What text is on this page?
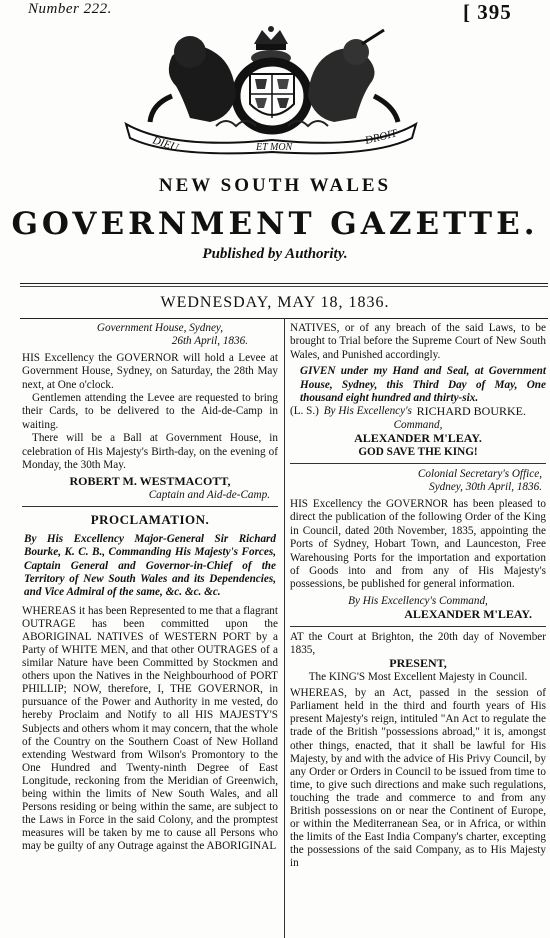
Number 222.	[ 395
DIEU	ET MON
DROIT
NEW SOUTH WALES
GOVERNMENT GAZETTE.
Published by Authority.
WEDNESDAY, MAY 18, 1836.

Government House, Sydney,

26th April, 1836.

HIS Excellency the GOVERNOR will hold a Levee at Government House, Sydney, on Saturday, the 28th May next, at One o'clock.

Gentlemen attending the Levee are requested to bring their Cards, to be delivered to the Aid-de-Camp in waiting.

There will be a Ball at Government House, in celebration of His Majesty's Birth-day, on the evening of Monday, the 30th May.

ROBERT M. WESTMACOTT,

Captain and Aid-de-Camp.

PROCLAMATION.

By His Excellency Major-General Sir Richard Bourke, K. C. B., Commanding His Majesty's Forces, Captain General and Governor-in-Chief of the Territory of New South Wales and its Dependencies, and Vice Admiral of the same, &c. &c. &c.

WHEREAS it has been Represented to me that a flagrant OUTRAGE has been committed upon the ABORIGINAL NATIVES of WESTERN PORT by a Party of WHITE MEN, and that other OUTRAGES of a similar Nature have been Committed by Stockmen and others upon the Natives in the Neighbourhood of PORT PHILLIP; NOW, therefore, I, THE GOVERNOR, in pursuance of the Power and Authority in me vested, do hereby Proclaim and Notify to all HIS MAJESTY'S Subjects and others whom it may concern, that the whole of the Country on the Southern Coast of New Holland extending Westward from Wilson's Promontory to the One Hundred and Twenty-ninth Degree of East Longitude, reckoning from the Meridian of Greenwich, being within the limits of New South Wales, and all Persons residing or being within the same, are subject to the Laws in Force in the said Colony, and the promptest measures will be taken by me to cause all Persons who may be guilty of any Outrage against the ABORIGINAL

NATIVES, or of any breach of the said Laws, to be brought to Trial before the Supreme Court of New South Wales, and Punished accordingly.

GIVEN under my Hand and Seal, at Government House, Sydney, this Third Day of May, One thousand eight hundred and thirty-six.

(L. S.)	RICHARD BOURKE.

By His Excellency's Command,

ALEXANDER M'LEAY.

GOD SAVE THE KING!

Colonial Secretary's Office,

Sydney, 30th April, 1836.

HIS Excellency the GOVERNOR has been pleased to direct the publication of the following Order of the King in Council, dated 20th November, 1835, appointing the Ports of Sydney, Hobart Town, and Launceston, Free Warehousing Ports for the importation and exportation of Goods into and from any of His Majesty's possessions, be published for general information.

By His Excellency's Command,

ALEXANDER M'LEAY.

AT the Court at Brighton, the 20th day of November 1835,

PRESENT,

The KING'S Most Excellent Majesty in Council.

WHEREAS, by an Act, passed in the session of Parliament held in the third and fourth years of His present Majesty's reign, intituled "An Act to regulate the trade of the British "possessions abroad," it is, amongst other things, enacted, that it shall be lawful for His Majesty, by and with the advice of His Privy Council, by any Order or Orders in Council to be issued from time to time, to give such directions and make such regulations, touching the trade and commerce to and from any British possessions on or near the Continent of Europe, or within the Mediterranean Sea, or in Africa, or within the limits of the East India Company's charter, excepting the possessions of the said Company, as to His Majesty in
